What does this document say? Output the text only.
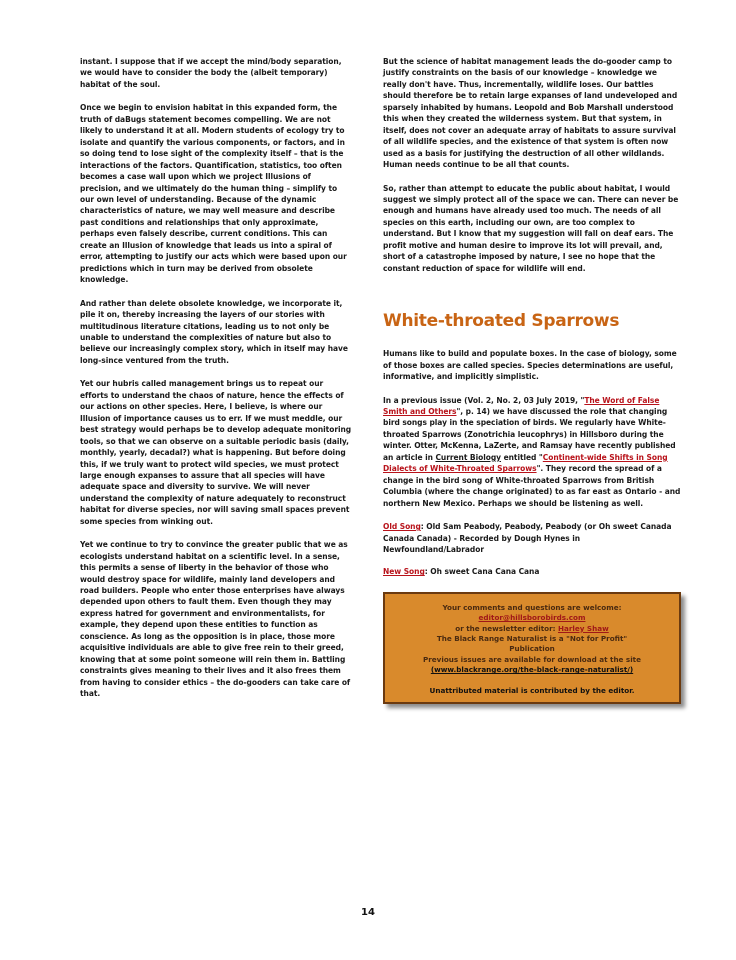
instant. I suppose that if we accept the mind/body separation, we would have to consider the body the (albeit temporary) habitat of the soul.

Once we begin to envision habitat in this expanded form, the truth of daBugs statement becomes compelling. We are not likely to understand it at all. Modern students of ecology try to isolate and quantify the various components, or factors, and in so doing tend to lose sight of the complexity itself – that is the interactions of the factors. Quantification, statistics, too often becomes a case wall upon which we project Illusions of precision, and we ultimately do the human thing – simplify to our own level of understanding. Because of the dynamic characteristics of nature, we may well measure and describe past conditions and relationships that only approximate, perhaps even falsely describe, current conditions. This can create an Illusion of knowledge that leads us into a spiral of error, attempting to justify our acts which were based upon our predictions which in turn may be derived from obsolete knowledge.

And rather than delete obsolete knowledge, we incorporate it, pile it on, thereby increasing the layers of our stories with multitudinous literature citations, leading us to not only be unable to understand the complexities of nature but also to believe our increasingly complex story, which in itself may have long-since ventured from the truth.

Yet our hubris called management brings us to repeat our efforts to understand the chaos of nature, hence the effects of our actions on other species. Here, I believe, is where our Illusion of importance causes us to err. If we must meddle, our best strategy would perhaps be to develop adequate monitoring tools, so that we can observe on a suitable periodic basis (daily, monthly, yearly, decadal?) what is happening. But before doing this, if we truly want to protect wild species, we must protect large enough expanses to assure that all species will have adequate space and diversity to survive. We will never understand the complexity of nature adequately to reconstruct habitat for diverse species, nor will saving small spaces prevent some species from winking out.

Yet we continue to try to convince the greater public that we as ecologists understand habitat on a scientific level. In a sense, this permits a sense of liberty in the behavior of those who would destroy space for wildlife, mainly land developers and road builders. People who enter those enterprises have always depended upon others to fault them. Even though they may express hatred for government and environmentalists, for example, they depend upon these entities to function as conscience. As long as the opposition is in place, those more acquisitive individuals are able to give free rein to their greed, knowing that at some point someone will rein them in. Battling constraints gives meaning to their lives and it also frees them from having to consider ethics – the do-gooders can take care of that.

But the science of habitat management leads the do-gooder camp to justify constraints on the basis of our knowledge – knowledge we really don't have. Thus, incrementally, wildlife loses. Our battles should therefore be to retain large expanses of land undeveloped and sparsely inhabited by humans. Leopold and Bob Marshall understood this when they created the wilderness system. But that system, in itself, does not cover an adequate array of habitats to assure survival of all wildlife species, and the existence of that system is often now used as a basis for justifying the destruction of all other wildlands. Human needs continue to be all that counts.

So, rather than attempt to educate the public about habitat, I would suggest we simply protect all of the space we can. There can never be enough and humans have already used too much. The needs of all species on this earth, including our own, are too complex to understand. But I know that my suggestion will fall on deaf ears. The profit motive and human desire to improve its lot will prevail, and, short of a catastrophe imposed by nature, I see no hope that the constant reduction of space for wildlife will end.

White-throated Sparrows

Humans like to build and populate boxes. In the case of biology, some of those boxes are called species. Species determinations are useful, informative, and implicitly simplistic.

In a previous issue (Vol. 2, No. 2, 03 July 2019, "The Word of False Smith and Others", p. 14) we have discussed the role that changing bird songs play in the speciation of birds. We regularly have White-throated Sparrows (Zonotrichia leucophrys) in Hillsboro during the winter. Otter, McKenna, LaZerte, and Ramsay have recently published an article in Current Biology entitled "Continent-wide Shifts in Song Dialects of White-Throated Sparrows". They record the spread of a change in the bird song of White-throated Sparrows from British Columbia (where the change originated) to as far east as Ontario - and northern New Mexico. Perhaps we should be listening as well.

Old Song: Old Sam Peabody, Peabody, Peabody (or Oh sweet Canada Canada Canada) - Recorded by Dough Hynes in Newfoundland/Labrador

New Song: Oh sweet Cana Cana Cana

Your comments and questions are welcome: editor@hillsborobirds.com

or the newsletter editor: Harley Shaw

The Black Range Naturalist is a "Not for Profit"

Publication

Previous issues are available for download at the site

(www.blackrange.org/the-black-range-naturalist/)

Unattributed material is contributed by the editor.

14
